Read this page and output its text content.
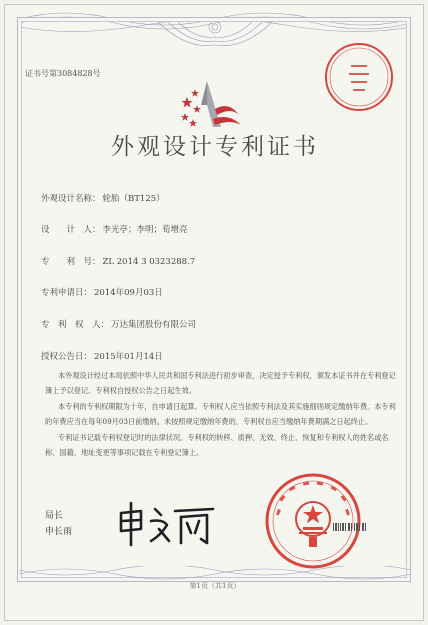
证书号第3084828号
外观设计专利证书
外观设计名称： 轮胎（BT125）
设　　计　人： 李光亭；李明；荀增亮
专　　利　号： ZL 2014 3 0323288.7
专利申请日： 2014年09月03日
专　利　权　人： 万达集团股份有限公司
授权公告日： 2015年01月14日

本外观设计经过本局依照中华人民共和国专利法进行初步审查，决定授予专利权，颁发本证书并在专利登记簿上予以登记。专利权自授权公告之日起生效。

本专利的专利权期限为十年，自申请日起算。专利权人应当依照专利法及其实施细则规定缴纳年费。本专利的年费应当在每年09月03日前缴纳。未按照规定缴纳年费的，专利权自应当缴纳年费期满之日起终止。

专利证书记载专利权登记时的法律状况。专利权的转移、质押、无效、终止、恢复和专利权人的姓名或名称、国籍、地址变更等事项记载在专利登记簿上。

局长
申长雨
第1页（共1页）
